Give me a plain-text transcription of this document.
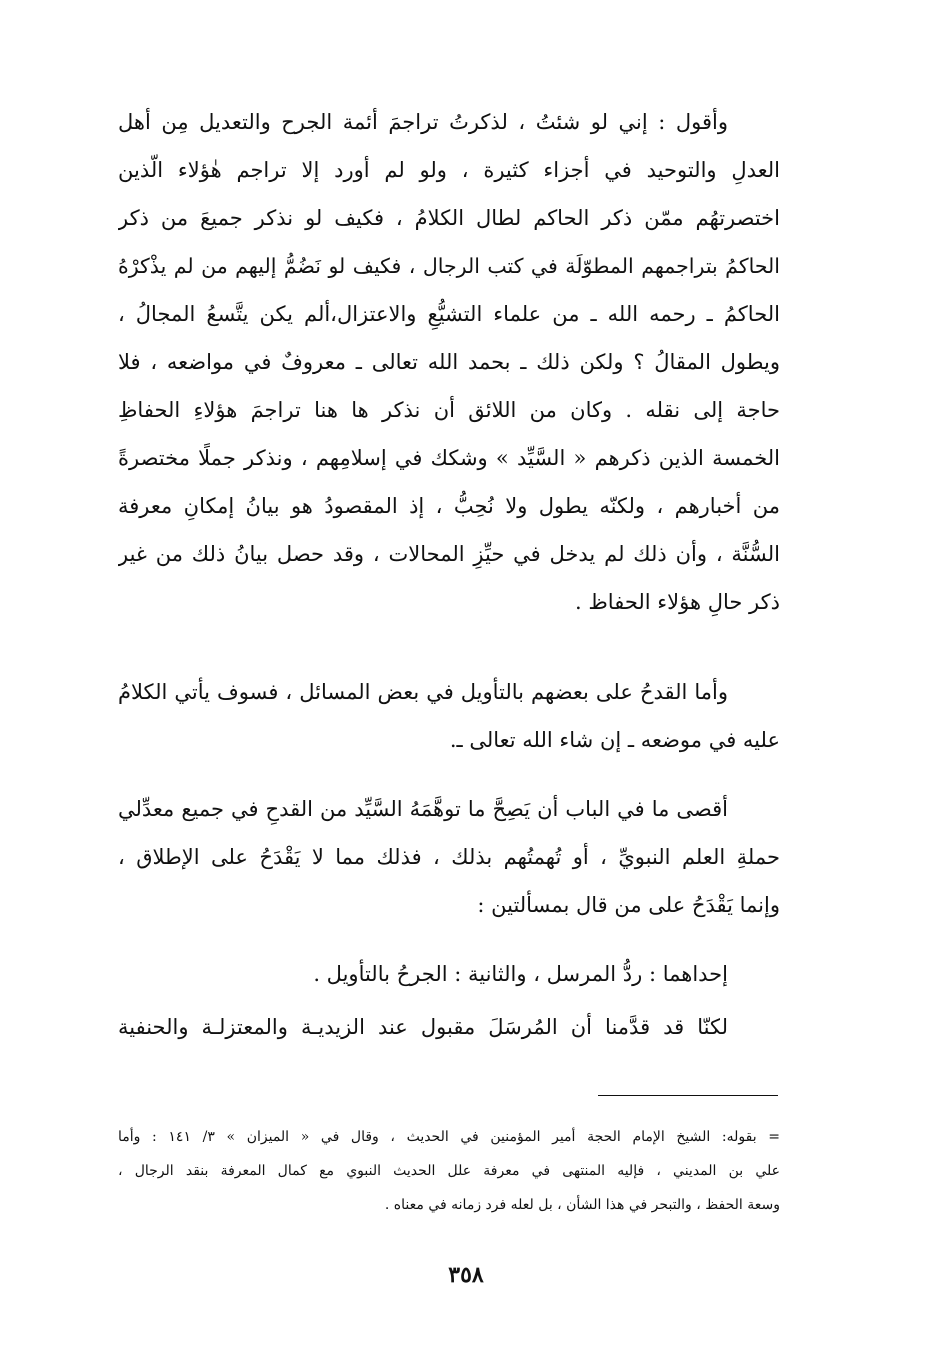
وأقول : إني لو شئتُ ، لذكرتُ تراجمَ أئمة الجرح والتعديل مِن أهل
العدلِ والتوحيد في أجزاء كثيرة ، ولو لم أورد إلا تراجم هٰؤلاء الّذين
اختصرتهُم ممّن ذكر الحاكم لطال الكلامُ ، فكيف لو نذكر جميعَ من ذكر
الحاكمُ بتراجمهم المطوّلَة في كتب الرجال ، فكيف لو نَضُمُّ إليهم من لم يذْكرْهُ
الحاكمُ ـ رحمه الله ـ من علماء التشيُّعِ والاعتزال،ألم يكن يتَّسعُ المجالُ ،
ويطول المقالُ ؟ ولكن ذلك ـ بحمد الله تعالى ـ معروفٌ في مواضعه ، فلا
حاجة إلى نقله . وكان من اللائق أن نذكر ها هنا تراجمَ هؤلاءِ الحفاظِ
الخمسة الذين ذكرهم « السَّيِّد » وشكك في إسلامِهم ، ونذكر جملًا مختصرةً
من أخبارهم ، ولكنّه يطول ولا نُحِبُّ ، إذ المقصودُ هو بيانُ إمكانِ معرفة
السُّنَّة ، وأن ذلك لم يدخل في حيِّزِ المحالات ، وقد حصل بيانُ ذلك من غير
ذكر حالِ هؤلاء الحفاظ .
وأما القدحُ على بعضهم بالتأويل في بعض المسائل ، فسوف يأتي الكلامُ
عليه في موضعه ـ إن شاء الله تعالى ـ.
أقصى ما في الباب أن يَصِحَّ ما توهَّمَهُ السَّيِّد من القدحِ في جميع معدِّلي
حملةِ العلم النبويِّ ، أو تُهمتُهم بذلك ، فذلك مما لا يَقْدَحُ على الإطلاق ،
وإنما يَقْدَحُ على من قال بمسألتين :
إحداهما : ردُّ المرسل ، والثانية : الجرحُ بالتأويل .
لكنّا قد قدَّمنا أن المُرسَلَ مقبول عند الزيديـة والمعتزلـة والحنفية
= بقوله: الشيخ الإمام الحجة أمير المؤمنين في الحديث ، وقال في « الميزان » ٣/ ١٤١ : وأما
علي بن المديني ، فإليه المنتهى في معرفة علل الحديث النبوي مع كمال المعرفة بنقد الرجال ،
وسعة الحفظ ، والتبحر في هذا الشأن ، بل لعله فرد زمانه في معناه .
٣٥٨
